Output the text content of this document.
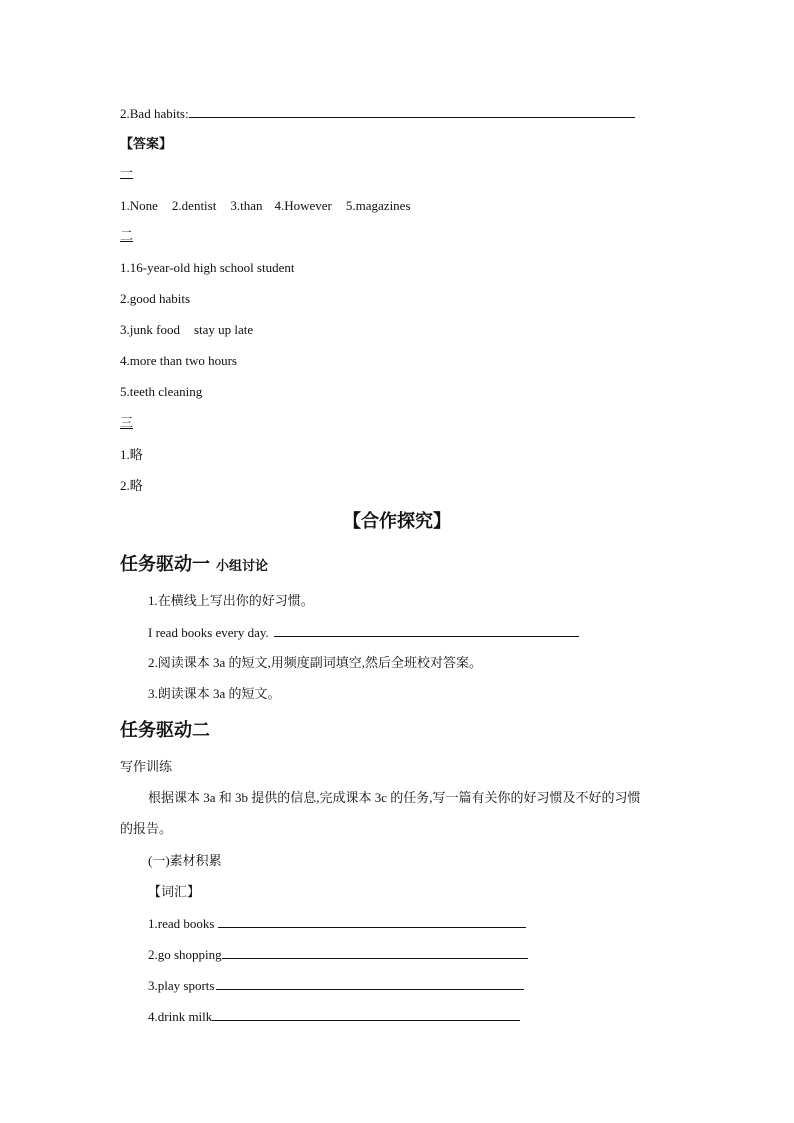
2.Bad habits:
【答案】
一
1.None 2.dentist 3.than 4.However 5.magazines
二
1.16-year-old high school student
2.good habits
3.junk food stay up late
4.more than two hours
5.teeth cleaning
三
1.略
2.略
【合作探究】
任务驱动一 小组讨论
1.在横线上写出你的好习惯。
I read books every day.
2.阅读课本 3a 的短文,用频度副词填空,然后全班校对答案。
3.朗读课本 3a 的短文。
任务驱动二
写作训练
根据课本 3a 和 3b 提供的信息,完成课本 3c 的任务,写一篇有关你的好习惯及不好的习惯
的报告。
(一)素材积累
【词汇】
1.read books
2.go shopping
3.play sports
4.drink milk
